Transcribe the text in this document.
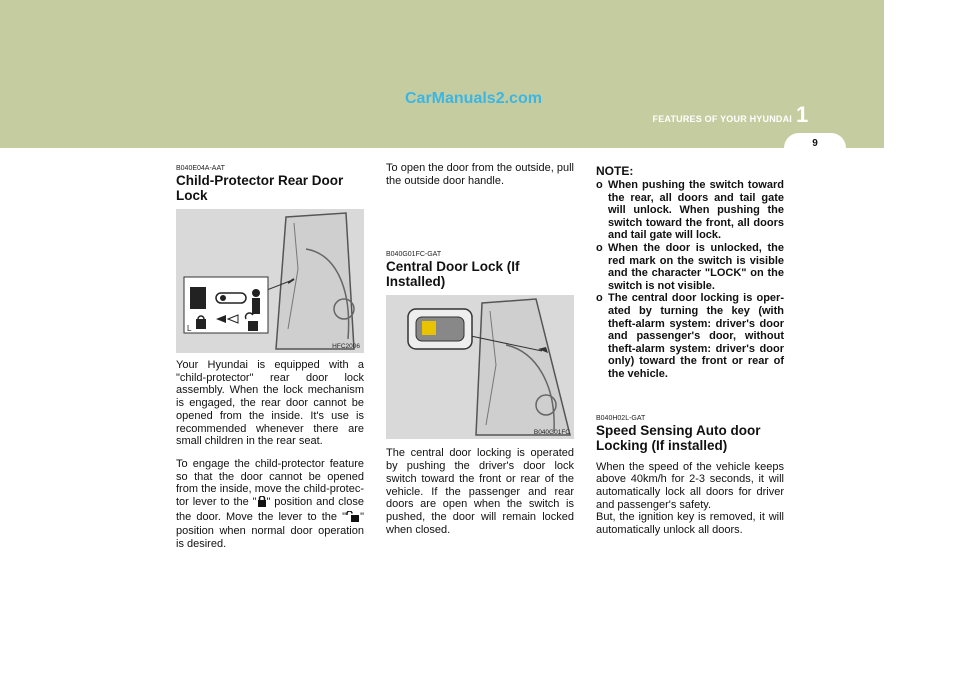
CarManuals2.com
FEATURES OF YOUR HYUNDAI 1
9

B040E04A-AAT

Child-Protector Rear Door Lock
L
HFC2006

Your Hyundai is equipped with a "child-protector" rear door lock assembly. When the lock mechanism is engaged, the rear door cannot be opened from the inside. It's use is recommended whenever there are small children in the rear seat.

To engage the child-protector feature so that the door cannot be opened from the inside, move the child-protec-tor lever to the " " position and close the door. Move the lever to the " " position when normal door operation is desired.

To open the door from the outside, pull the outside door handle.

B040G01FC-GAT

Central Door Lock (If Installed)
B040G01FC

The central door locking is operated by pushing the driver's door lock switch toward the front or rear of the vehicle. If the passenger and rear doors are open when the switch is pushed, the door will remain locked when closed.

NOTE:

o When pushing the switch toward the rear, all doors and tail gate will unlock. When pushing the switch toward the front, all doors and tail gate will lock.

o When the door is unlocked, the red mark on the switch is visible and the character "LOCK" on the switch is not visible.

o The central door locking is oper-ated by turning the key (with theft-alarm system: driver's door and passenger's door, without theft-alarm system: driver's door only) toward the front or rear of the vehicle.

B040H02L-GAT

Speed Sensing Auto door Locking (If installed)

When the speed of the vehicle keeps above 40km/h for 2-3 seconds, it will automatically lock all doors for driver and passenger's safety.

But, the ignition key is removed, it will automatically unlock all doors.
